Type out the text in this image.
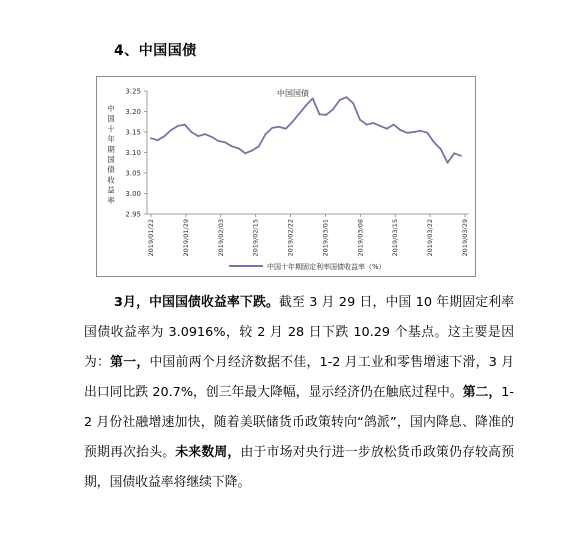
4、中国国债
中国国债
中
国
十
年
期
国
债
收
益
率
2.95
3.00
3.05
3.10
3.15
3.20
3.25
2019/01/22	2019/01/29	2019/02/03	2019/02/15	2019/02/22	2019/03/01	2019/03/08	2019/03/15	2019/03/22	2019/03/29
中国十年期固定利率国债收益率（%）

3月，中国国债收益率下跌。截至 3 月 29 日，中国 10 年期固定利率国债收益率为 3.0916%，较 2 月 28 日下跌 10.29 个基点。这主要是因为：第一，中国前两个月经济数据不佳，1-2 月工业和零售增速下滑，3 月出口同比跌 20.7%，创三年最大降幅，显示经济仍在触底过程中。第二，1-2 月份社融增速加快，随着美联储货币政策转向“鸽派”，国内降息、降准的预期再次抬头。未来数周，由于市场对央行进一步放松货币政策仍存较高预期，国债收益率将继续下降。
